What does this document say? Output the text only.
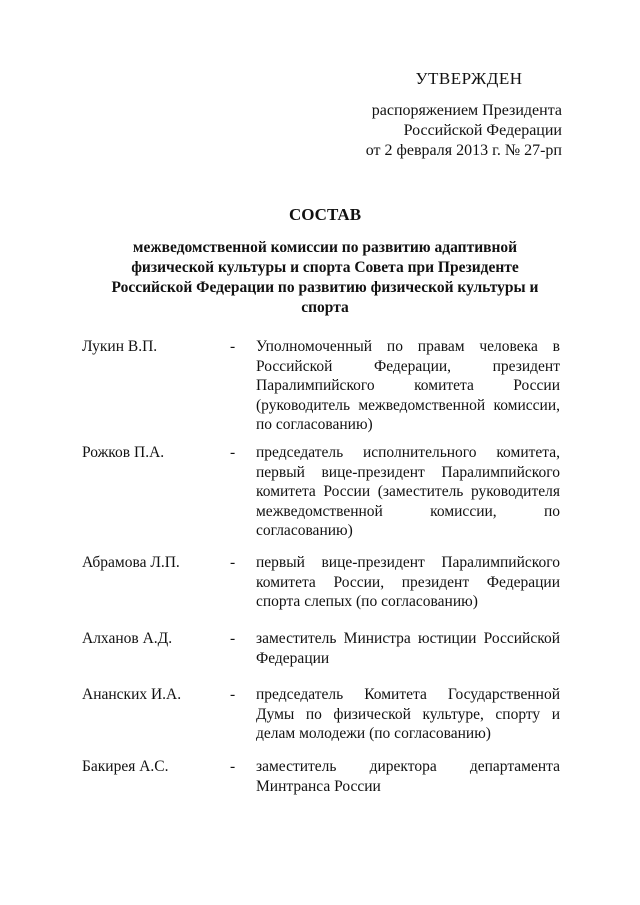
УТВЕРЖДЕН
распоряжением Президента
Российской Федерации
от 2 февраля 2013 г. № 27-рп
СОСТАВ
межведомственной комиссии по развитию адаптивной физической культуры и спорта Совета при Президенте Российской Федерации по развитию физической культуры и спорта
Лукин В.П.	-	Уполномоченный по правам человека в Российской Федерации, президент Паралимпийского комитета России (руководитель межведомственной комиссии, по согласованию)
Рожков П.А.	-	председатель исполнительного комитета, первый вице-президент Паралимпийского комитета России (заместитель руководителя межведомственной комиссии, по согласованию)
Абрамова Л.П.	-	первый вице-президент Паралимпийского комитета России, президент Федерации спорта слепых (по согласованию)
Алханов А.Д.	-	заместитель Министра юстиции Российской Федерации
Ананских И.А.	-	председатель Комитета Государственной Думы по физической культуре, спорту и делам молодежи (по согласованию)
Бакирея А.С.	-	заместитель директора департамента Минтранса России
